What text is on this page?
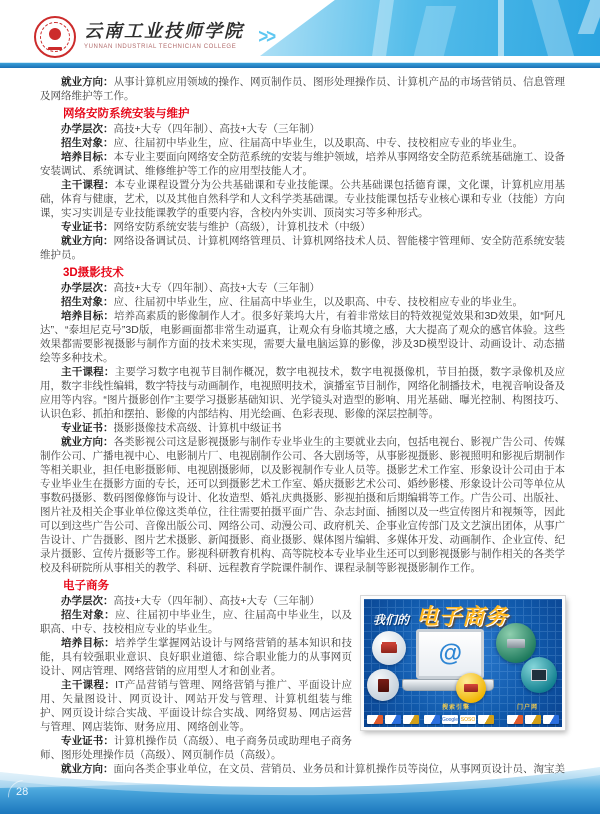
云南工业技师学院
YUNNAN INDUSTRIAL TECHNICIAN COLLEGE	>>

就业方向：从事计算机应用领域的操作、网页制作员、图形处理操作员、计算机产品的市场营销员、信息管理及网络维护等工作。

网络安防系统安装与维护

办学层次：高技+大专（四年制）、高技+大专（三年制）

招生对象：应、往届初中毕业生，应、往届高中毕业生，以及职高、中专、技校相应专业的毕业生。

培养目标：本专业主要面向网络安全防范系统的安装与维护领域，培养从事网络安全防范系统基础施工、设备安装调试、系统调试、维修维护等工作的应用型技能人才。

主干课程：本专业课程设置分为公共基础课和专业技能课。公共基础课包括德育课，文化课，计算机应用基础，体育与健康，艺术，以及其他自然科学和人文科学类基础课。专业技能课包括专业核心课和专业（技能）方向课，实习实训是专业技能课教学的重要内容，含校内外实训、顶岗实习等多种形式。

专业证书：网络安防系统安装与维护（高级），计算机技术（中级）

就业方向：网络设备调试员、计算机网络管理员、计算机网络技术人员、智能楼宇管理师、安全防范系统安装维护员。

3D摄影技术

办学层次：高技+大专（四年制）、高技+大专（三年制）

招生对象：应、往届初中毕业生，应、往届高中毕业生，以及职高、中专、技校相应专业的毕业生。

培养目标：培养高素质的影像制作人才。很多好莱坞大片，有着非常炫目的特效视觉效果和3D效果，如“阿凡达”、“泰坦尼克号”3D版，电影画面都非常生动逼真，让观众有身临其境之感，大大提高了观众的感官体验。这些效果都需要影视摄影与制作方面的技术来实现，需要大量电脑运算的影像，涉及3D模型设计、动画设计、动态描绘等多种技术。

主干课程：主要学习数字电视节目制作概况，数字电视技术，数字电视摄像机，节目拍摄，数字录像机及应用，数字非线性编辑，数字特技与动画制作，电视照明技术，演播室节目制作，网络化制播技术，电视音响设备及应用等内容。“图片摄影创作”主要学习摄影基础知识、光学镜头对造型的影响、用光基础、曝光控制、构图技巧、认识色彩、抓拍和摆拍、影像的内部结构、用光绘画、色彩表现、影像的深层控制等。

专业证书：摄影摄像技术高级、计算机中级证书

就业方向：各类影视公司这是影视摄影与制作专业毕业生的主要就业去向，包括电视台、影视广告公司、传媒制作公司、广播电视中心、电影制片厂、电视剧制作公司、各大剧场等，从事影视摄影、影视照明和影视后期制作等相关职业，担任电影摄影师、电视剧摄影师，以及影视制作专业人员等。摄影艺术工作室、形象设计公司由于本专业毕业生在摄影方面的专长，还可以到摄影艺术工作室、婚庆摄影艺术公司、婚纱影楼、形象设计公司等单位从事数码摄影、数码图像修饰与设计、化妆造型、婚礼庆典摄影、影视拍摄和后期编辑等工作。广告公司、出版社、图片社及相关企事业单位像这类单位，往往需要拍摄平面广告、杂志封面、插图以及一些宣传图片和视频等，因此可以到这些广告公司、音像出版公司、网络公司、动漫公司、政府机关、企事业宣传部门及文艺演出团体，从事广告设计、广告摄影、图片艺术摄影、新闻摄影、商业摄影、媒体图片编辑、多媒体开发、动画制作、企业宣传、纪录片摄影、宣传片摄影等工作。影视科研教育机构、高等院校本专业毕业生还可以到影视摄影与制作相关的各类学校及科研院所从事相关的教学、科研、远程教育学院课件制作、课程录制等影视摄影制作工作。

电子商务
我们的 电子商务
@
搜索引擎	门户网
Google SOSO

办学层次：高技+大专（四年制）、高技+大专（三年制）

招生对象：应、往届初中毕业生，应、往届高中毕业生，以及职高、中专、技校相应专业的毕业生。

培养目标：培养学生掌握网站设计与网络营销的基本知识和技能，具有较强职业意识、良好职业道德、综合职业能力的从事网页设计、网店管理、网络营销的应用型人才和创业者。

主干课程：IT产品营销与管理、网络营销与推广、平面设计应用、矢量图设计、网页设计、网站开发与管理、计算机组装与维护、网页设计综合实战、平面设计综合实战、网络贸易、网店运营与管理、网店装饰、财务应用、网络创业等。

专业证书：计算机操作员（高级）、电子商务员或助理电子商务师、图形处理操作员（高级）、网页制作员（高级）。

就业方向：面向各类企事业单位，在文员、营销员、业务员和计算机操作员等岗位，从事网页设计员、淘宝美

28
